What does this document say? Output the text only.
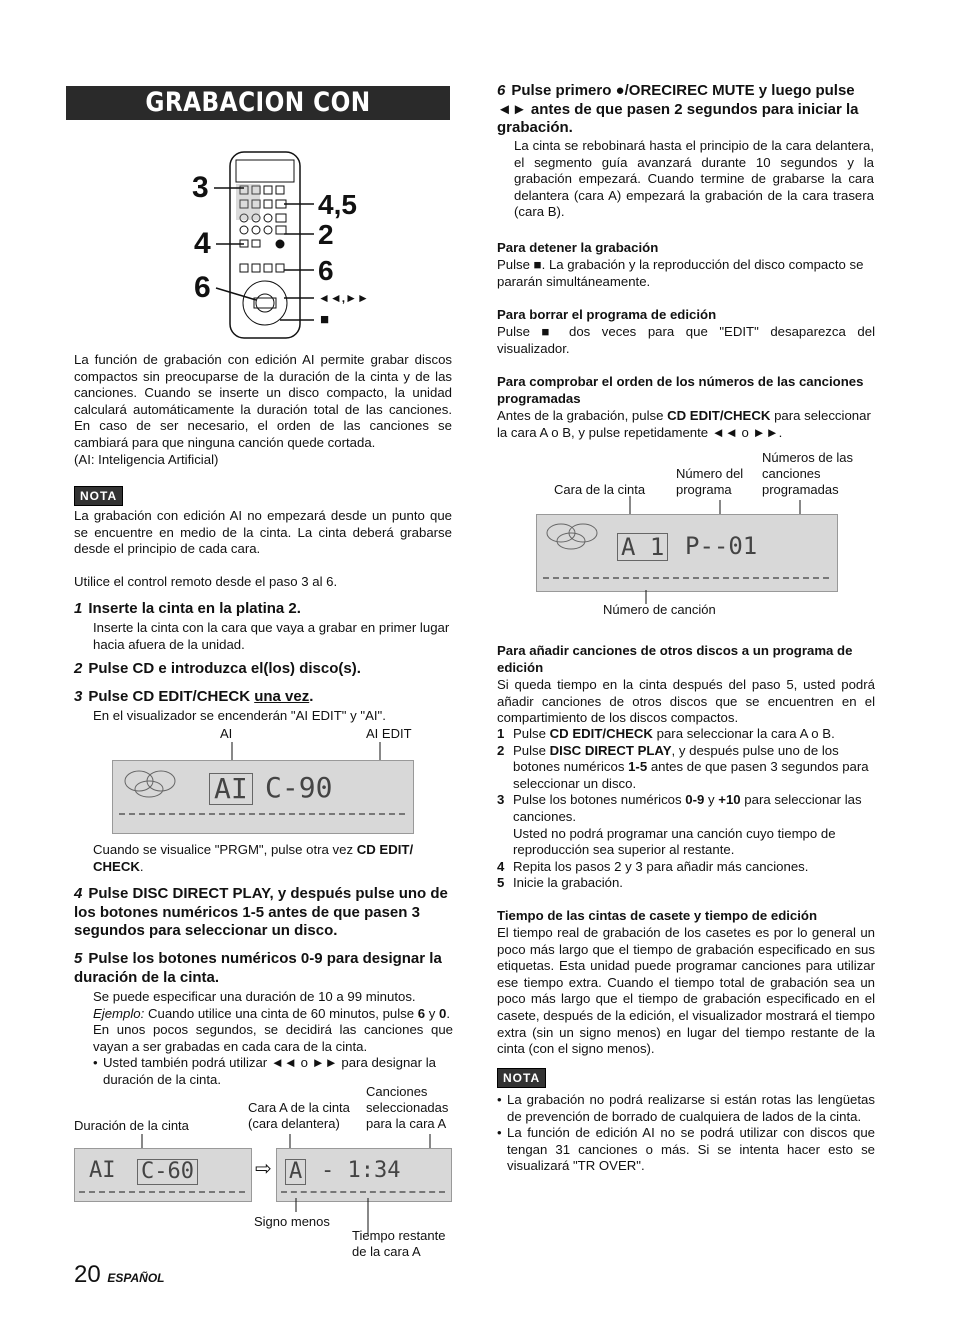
GRABACION CON EDICION AI
3
4
6
4,5
2
6
◄◄,►►
■

La función de grabación con edición AI permite grabar discos compactos sin preocuparse de la duración de la cinta y de las canciones. Cuando se inserte un disco compacto, la unidad calculará automáticamente la duración total de las canciones. En caso de ser necesario, el orden de las canciones se cambiará para que ninguna canción quede cortada.

(AI: Inteligencia Artificial)

NOTA
La grabación con edición AI no empezará desde un punto que se encuentre en medio de la cinta. La cinta deberá grabarse desde el principio de cada cara.
Utilice el control remoto desde el paso 3 al 6.
1 Inserte la cinta en la platina 2.
Inserte la cinta con la cara que vaya a grabar en primer lugar hacia afuera de la unidad.
2 Pulse CD e introduzca el(los) disco(s).
3 Pulse CD EDIT/CHECK una vez.
En el visualizador se encenderán "AI EDIT" y "AI".
AI	AI EDIT
AI C-90
Cuando se visualice "PRGM", pulse otra vez CD EDIT/ CHECK.
4 Pulse DISC DIRECT PLAY, y después pulse uno de los botones numéricos 1-5 antes de que pasen 3 segundos para seleccionar un disco.
5 Pulse los botones numéricos 0-9 para designar la duración de la cinta.

Se puede especificar una duración de 10 a 99 minutos.

Ejemplo: Cuando utilice una cinta de 60 minutos, pulse 6 y 0.

En unos pocos segundos, se decidirá las canciones que vayan a ser grabadas en cada cara de la cinta.

• Usted también podrá utilizar ◄◄ o ►► para designar la duración de la cinta.

Duración de la cinta
Cara A de la cinta (cara delantera)
Canciones seleccionadas para la cara A
AI C-60	⇨ A - 1:34
Signo menos
Tiempo restante de la cara A
20 ESPAÑOL
6 Pulse primero ●/ORECIREC MUTE y luego pulse ◄► antes de que pasen 2 segundos para iniciar la grabación.
La cinta se rebobinará hasta el principio de la cara delantera, el segmento guía avanzará durante 10 segundos y la grabación empezará. Cuando termine de grabarse la cara delantera (cara A) empezará la grabación de la cara trasera (cara B).
Para detener la grabación
Pulse ■. La grabación y la reproducción del disco compacto se pararán simultáneamente.
Para borrar el programa de edición
Pulse ■ dos veces para que "EDIT" desaparezca del visualizador.
Para comprobar el orden de los números de las canciones programadas
Antes de la grabación, pulse CD EDIT/CHECK para seleccionar la cara A o B, y pulse repetidamente ◄◄ o ►►.
Cara de la cinta
Número del programa
Números de las canciones programadas
A 1 P--01
Número de canción
Para añadir canciones de otros discos a un programa de edición
Si queda tiempo en la cinta después del paso 5, usted podrá añadir canciones de otros discos que se encuentren en el compartimiento de los discos compactos.
1 Pulse CD EDIT/CHECK para seleccionar la cara A o B.
2 Pulse DISC DIRECT PLAY, y después pulse uno de los botones numéricos 1-5 antes de que pasen 3 segundos para seleccionar un disco.
3 Pulse los botones numéricos 0-9 y +10 para seleccionar las canciones.
Usted no podrá programar una canción cuyo tiempo de reproducción sea superior al restante.
4 Repita los pasos 2 y 3 para añadir más canciones.
5 Inicie la grabación.
Tiempo de las cintas de casete y tiempo de edición
El tiempo real de grabación de los casetes es por lo general un poco más largo que el tiempo de grabación especificado en sus etiquetas. Esta unidad puede programar canciones para utilizar ese tiempo extra. Cuando el tiempo total de grabación sea un poco más largo que el tiempo de grabación especificado en el casete, después de la edición, el visualizador mostrará el tiempo extra (sin un signo menos) en lugar del tiempo restante de la cinta (con el signo menos).
NOTA

• La grabación no podrá realizarse si están rotas las lengüetas de prevención de borrado de cualquiera de lados de la cinta.

• La función de edición AI no se podrá utilizar con discos que tengan 31 canciones o más. Si se intenta hacer esto se visualizará "TR OVER".
